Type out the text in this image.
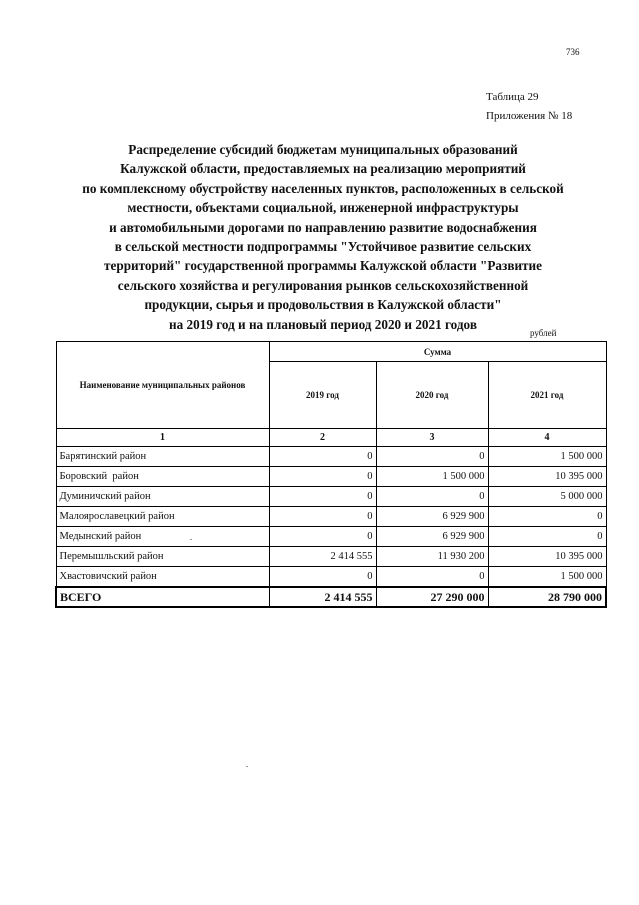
736
Таблица 29
Приложения № 18
Распределение субсидий бюджетам муниципальных образований
Калужской области, предоставляемых на реализацию мероприятий
по комплексному обустройству населенных пунктов, расположенных в сельской
местности, объектами социальной, инженерной инфраструктуры
и автомобильными дорогами по направлению развитие водоснабжения
в сельской местности подпрограммы "Устойчивое развитие сельских
территорий" государственной программы Калужской области "Развитие
сельского хозяйства и регулирования рынков сельскохозяйственной
продукции, сырья и продовольствия в Калужской области"
на 2019 год и на плановый период 2020 и 2021 годов
рублей
Наименование муниципальных районов	Сумма		
	2019 год	2020 год	2021 год
1	2	3	4
Барятинский район	0	0	1 500 000
Боровский  район	0	1 500 000	10 395 000
Думиничский район	0	0	5 000 000
Малоярославецкий район	0	6 929 900	0
Медынский район	0	6 929 900	0
Перемышльский район	2 414 555	11 930 200	10 395 000
Хвастовичский район	0	0	1 500 000
ВСЕГО	2 414 555	27 290 000	28 790 000
